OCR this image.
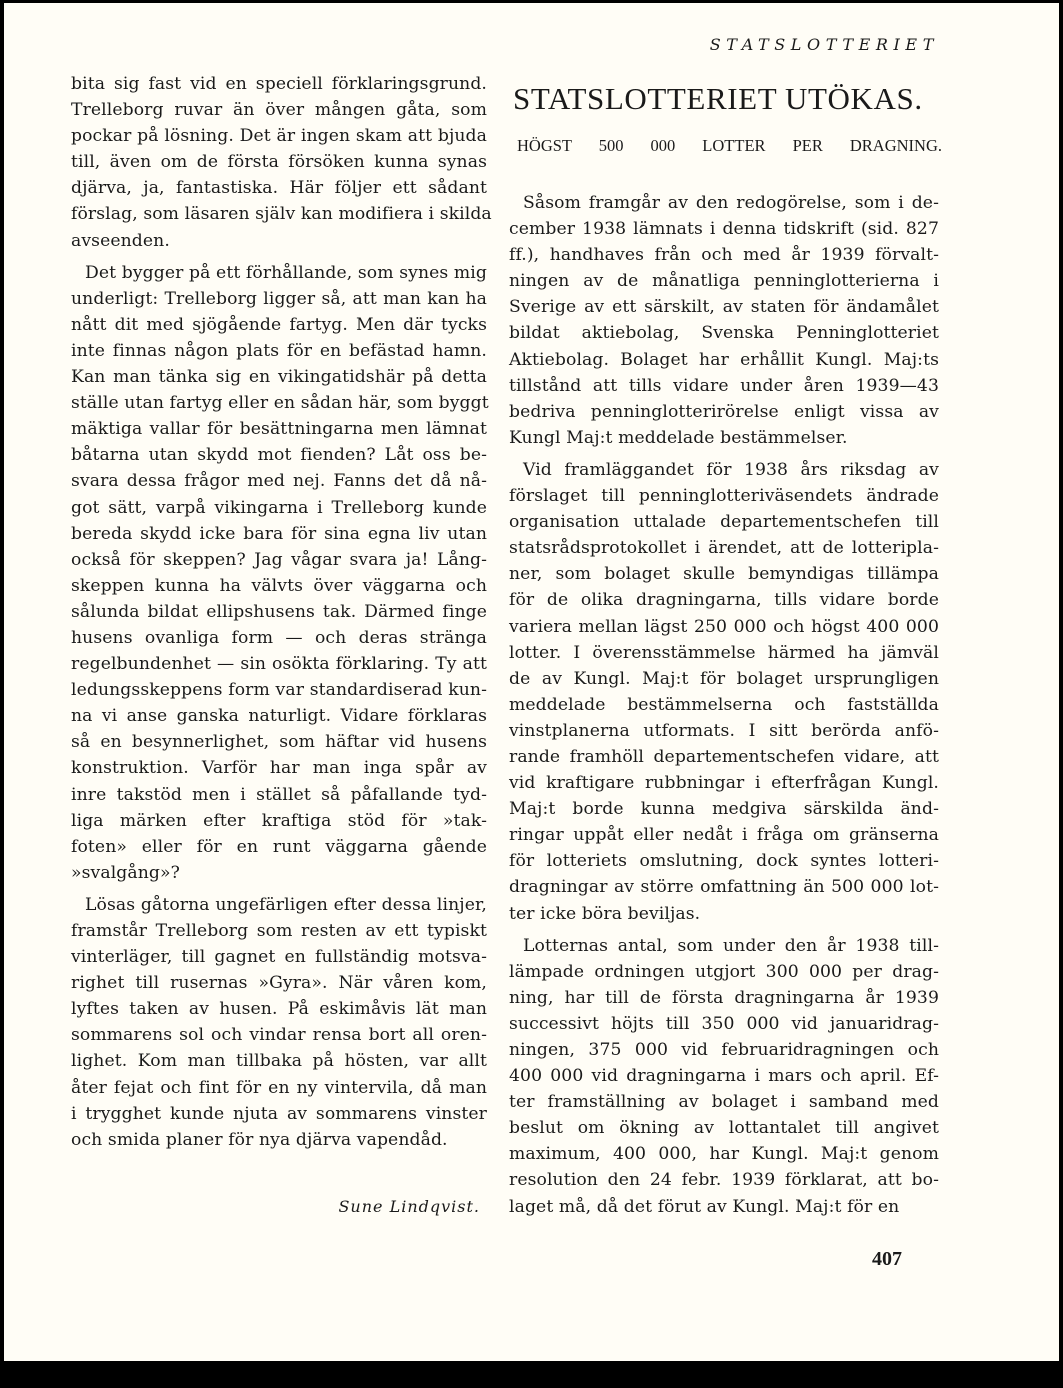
STATSLOTTERIET
STATSLOTTERIET UTÖKAS.
HÖGST 500 000 LOTTER PER DRAGNING.
bita sig fast vid en speciell förklaringsgrund.
Trelleborg ruvar än över mången gåta, som
pockar på lösning. Det är ingen skam att bjuda
till, även om de första försöken kunna synas
djärva, ja, fantastiska. Här följer ett sådant
förslag, som läsaren själv kan modifiera i skilda
avseenden.
Det bygger på ett förhållande, som synes mig
underligt: Trelleborg ligger så, att man kan ha
nått dit med sjögående fartyg. Men där tycks
inte finnas någon plats för en befästad hamn.
Kan man tänka sig en vikingatidshär på detta
ställe utan fartyg eller en sådan här, som byggt
mäktiga vallar för besättningarna men lämnat
båtarna utan skydd mot fienden? Låt oss be-
svara dessa frågor med nej. Fanns det då nå-
got sätt, varpå vikingarna i Trelleborg kunde
bereda skydd icke bara för sina egna liv utan
också för skeppen? Jag vågar svara ja! Lång-
skeppen kunna ha välvts över väggarna och
sålunda bildat ellipshusens tak. Därmed finge
husens ovanliga form — och deras stränga
regelbundenhet — sin osökta förklaring. Ty att
ledungsskeppens form var standardiserad kun-
na vi anse ganska naturligt. Vidare förklaras
så en besynnerlighet, som häftar vid husens
konstruktion. Varför har man inga spår av
inre takstöd men i stället så påfallande tyd-
liga märken efter kraftiga stöd för »tak-
foten» eller för en runt väggarna gående
»svalgång»?
Lösas gåtorna ungefärligen efter dessa linjer,
framstår Trelleborg som resten av ett typiskt
vinterläger, till gagnet en fullständig motsva-
righet till rusernas »Gyra». När våren kom,
lyftes taken av husen. På eskimåvis lät man
sommarens sol och vindar rensa bort all oren-
lighet. Kom man tillbaka på hösten, var allt
åter fejat och fint för en ny vintervila, då man
i trygghet kunde njuta av sommarens vinster
och smida planer för nya djärva vapendåd.
Sune Lindqvist.
Såsom framgår av den redogörelse, som i de-
cember 1938 lämnats i denna tidskrift (sid. 827
ff.), handhaves från och med år 1939 förvalt-
ningen av de månatliga penninglotterierna i
Sverige av ett särskilt, av staten för ändamålet
bildat aktiebolag, Svenska Penninglotteriet
Aktiebolag. Bolaget har erhållit Kungl. Maj:ts
tillstånd att tills vidare under åren 1939—43
bedriva penninglotterirörelse enligt vissa av
Kungl Maj:t meddelade bestämmelser.
Vid framläggandet för 1938 års riksdag av
förslaget till penninglotteriväsendets ändrade
organisation uttalade departementschefen till
statsrådsprotokollet i ärendet, att de lotteripla-
ner, som bolaget skulle bemyndigas tillämpa
för de olika dragningarna, tills vidare borde
variera mellan lägst 250 000 och högst 400 000
lotter. I överensstämmelse härmed ha jämväl
de av Kungl. Maj:t för bolaget ursprungligen
meddelade bestämmelserna och fastställda
vinstplanerna utformats. I sitt berörda anfö-
rande framhöll departementschefen vidare, att
vid kraftigare rubbningar i efterfrågan Kungl.
Maj:t borde kunna medgiva särskilda änd-
ringar uppåt eller nedåt i fråga om gränserna
för lotteriets omslutning, dock syntes lotteri-
dragningar av större omfattning än 500 000 lot-
ter icke böra beviljas.
Lotternas antal, som under den år 1938 till-
lämpade ordningen utgjort 300 000 per drag-
ning, har till de första dragningarna år 1939
successivt höjts till 350 000 vid januaridrag-
ningen, 375 000 vid februaridragningen och
400 000 vid dragningarna i mars och april. Ef-
ter framställning av bolaget i samband med
beslut om ökning av lottantalet till angivet
maximum, 400 000, har Kungl. Maj:t genom
resolution den 24 febr. 1939 förklarat, att bo-
laget må, då det förut av Kungl. Maj:t för en
407
